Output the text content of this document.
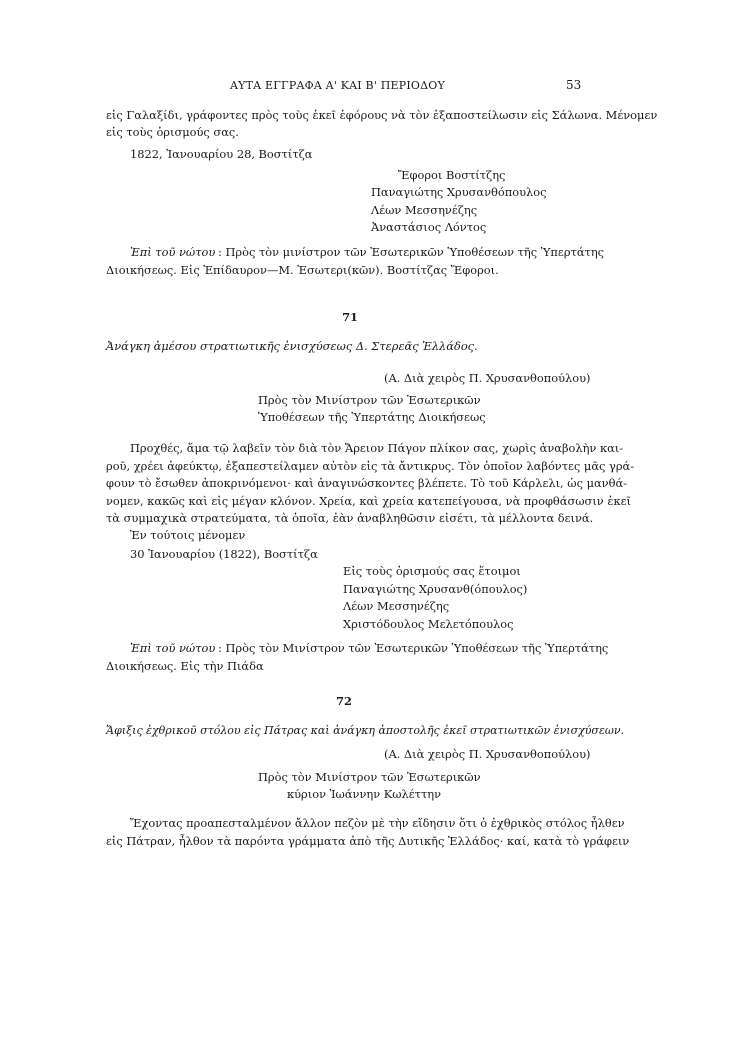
ΑΥΤΑ ΕΓΓΡΑΦΑ Α' ΚΑΙ Β' ΠΕΡΙΟΔΟΥ	53
εἰς Γαλαξίδι, γράφοντες πρὸς τοὺς ἐκεῖ ἐφόρους νὰ τὸν ἐξαποστείλωσιν εἰς Σάλωνα. Μένομεν
εἰς τοὺς ὁρισμούς σας.
1822, Ἰανουαρίου 28, Βοστίτζα
Ἔφοροι Βοστίτζης
Παναγιώτης Χρυσανθόπουλος
Λέων Μεσσηνέζης
Ἀναστάσιος Λόντος
Ἐπὶ τοῦ νώτου : Πρὸς τὸν μινίστρον τῶν Ἐσωτερικῶν Ὑποθέσεων τῆς Ὑπερτάτης
Διοικήσεως. Εἰς Ἐπίδαυρον—Μ. Ἐσωτερι(κῶν). Βοστίτζας Ἔφοροι.
71
Ἀνάγκη ἀμέσου στρατιωτικῆς ἐνισχύσεως Δ. Στερεᾶς Ἑλλάδος.
(Α. Διὰ χειρὸς Π. Χρυσανθοπούλου)
Πρὸς τὸν Μινίστρον τῶν Ἐσωτερικῶν
Ὑποθέσεων τῆς Ὑπερτάτης Διοικήσεως
Προχθές, ἅμα τῷ λαβεῖν τὸν διὰ τὸν Ἄρειον Πάγον πλίκον σας, χωρὶς ἀναβολὴν και-
ροῦ, χρέει ἀφεύκτῳ, ἐξαπεστείλαμεν αὐτὸν εἰς τὰ ἄντικρυς. Τὸν ὁποῖον λαβόντες μᾶς γρά-
φουν τὸ ἔσωθεν ἀποκρινόμενοι· καὶ ἀναγινώσκοντες βλέπετε. Τὸ τοῦ Κάρλελι, ὡς μανθά-
νομεν, κακῶς καὶ εἰς μέγαν κλόνον. Χρεία, καὶ χρεία κατεπείγουσα, νὰ προφθάσωσιν ἐκεῖ
τὰ συμμαχικὰ στρατεύματα, τὰ ὁποῖα, ἐὰν ἀναβληθῶσιν εἰσέτι, τὰ μέλλοντα δεινά.
Ἐν τούτοις μένομεν
30 Ἰανουαρίου (1822), Βοστίτζα
Εἰς τοὺς ὁρισμούς σας ἕτοιμοι
Παναγιώτης Χρυσανθ(όπουλος)
Λέων Μεσσηνέζης
Χριστόδουλος Μελετόπουλος
Ἐπὶ τοῦ νώτου : Πρὸς τὸν Μινίστρον τῶν Ἐσωτερικῶν Ὑποθέσεων τῆς Ὑπερτάτης
Διοικήσεως. Εἰς τὴν Πιάδα
72
Ἄφιξις ἐχθρικοῦ στόλου εἰς Πάτρας καὶ ἀνάγκη ἀποστολῆς ἐκεῖ στρατιωτικῶν ἐνισχύσεων.
(Α. Διὰ χειρὸς Π. Χρυσανθοπούλου)
Πρὸς τὸν Μινίστρον τῶν Ἐσωτερικῶν
κύριον Ἰωάννην Κωλέττην
Ἔχοντας προαπεσταλμένον ἄλλον πεζὸν μὲ τὴν εἴδησιν ὅτι ὁ ἐχθρικὸς στόλος ἦλθεν
εἰς Πάτραν, ἦλθον τὰ παρόντα γράμματα ἀπὸ τῆς Δυτικῆς Ἑλλάδος· καί, κατὰ τὸ γράφειν
